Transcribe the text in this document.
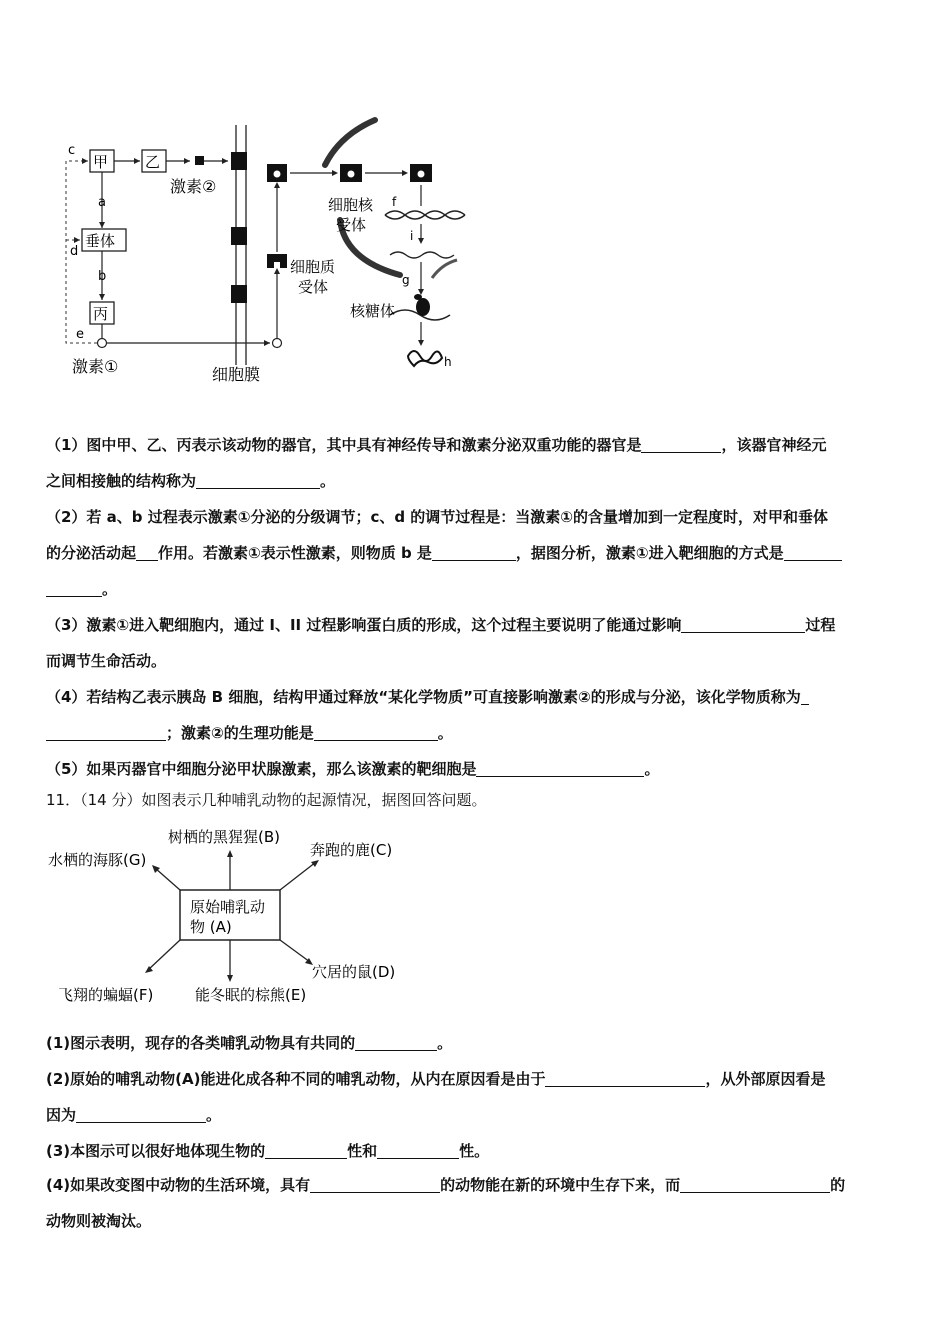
甲 乙
激素②
a
垂体
b
丙
激素①
c
d
e
细胞膜
细胞质
受体
细胞核
受体
f
i
g
核糖体
h
（1）图中甲、乙、丙表示该动物的器官，其中具有神经传导和激素分泌双重功能的器官是	，该器官神经元
之间相接触的结构称为	。
（2）若 a、b 过程表示激素①分泌的分级调节；c、d 的调节过程是：当激素①的含量增加到一定程度时，对甲和垂体
的分泌活动起 作用。若激素①表示性激素，则物质 b 是	，据图分析，激素①进入靶细胞的方式是
。
（3）激素①进入靶细胞内，通过 I、II 过程影响蛋白质的形成，这个过程主要说明了能通过影响	过程
而调节生命活动。
（4）若结构乙表示胰岛 B 细胞，结构甲通过释放“某化学物质”可直接影响激素②的形成与分泌，该化学物质称为
；激素②的生理功能是	。
（5）如果丙器官中细胞分泌甲状腺激素，那么该激素的靶细胞是	。
11．（14 分）如图表示几种哺乳动物的起源情况，据图回答问题。
原始哺乳动
物 (A)
树栖的黑猩猩(B)
奔跑的鹿(C)
水栖的海豚(G)
穴居的鼠(D)
能冬眠的棕熊(E)
飞翔的蝙蝠(F)
(1)图示表明，现存的各类哺乳动物具有共同的	。
(2)原始的哺乳动物(A)能进化成各种不同的哺乳动物，从内在原因看是由于	，从外部原因看是
因为	。
(3)本图示可以很好地体现生物的	性和	性。
(4)如果改变图中动物的生活环境，具有	的动物能在新的环境中生存下来，而	的
动物则被淘汰。
